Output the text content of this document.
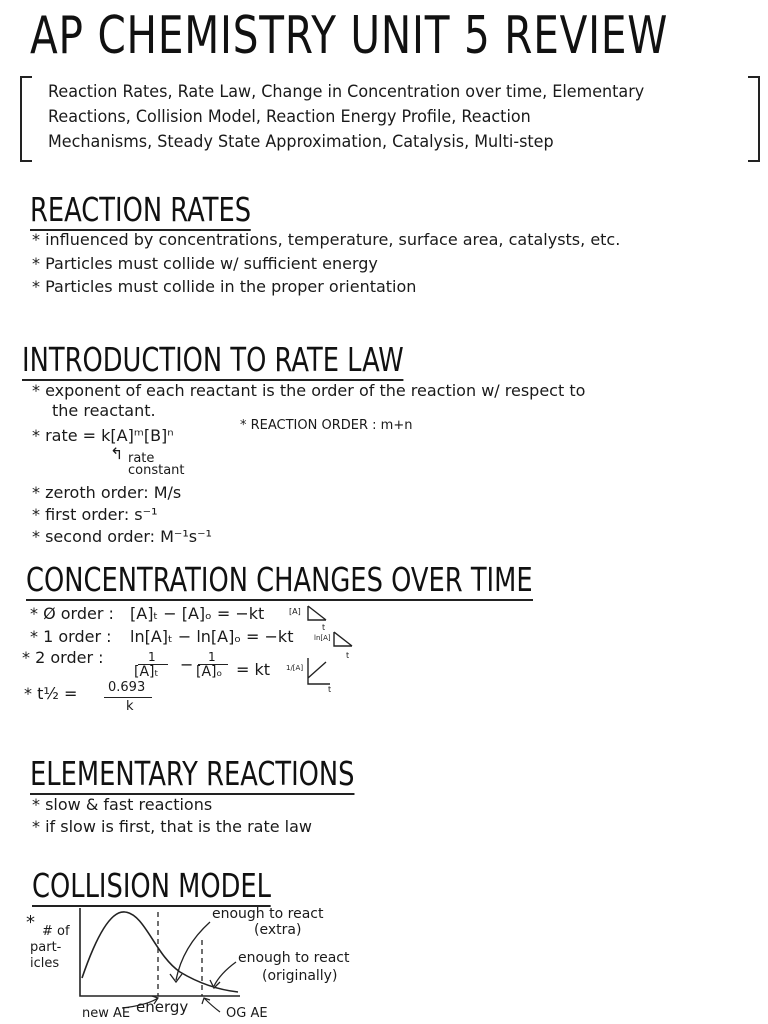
AP CHEMISTRY UNIT 5 REVIEW

Reaction Rates, Rate Law, Change in Concentration over time, Elementary

Reactions, Collision Model, Reaction Energy Profile, Reaction

Mechanisms, Steady State Approximation, Catalysis, Multi-step

REACTION RATES
* influenced by concentrations, temperature, surface area, catalysts, etc.
* Particles must collide w/ sufficient energy
* Particles must collide in the proper orientation
INTRODUCTION TO RATE LAW
* exponent of each reactant is the order of the reaction w/ respect to
the reactant.
* rate = k[A]ᵐ[B]ⁿ
↰ rate
constant
* REACTION ORDER : m+n
* zeroth order: M/s
* first order: s⁻¹
* second order: M⁻¹s⁻¹
CONCENTRATION CHANGES OVER TIME
* Ø order : [A]ₜ − [A]ₒ = −kt
* 1 order : ln[A]ₜ − ln[A]ₒ = −kt
* 2 order :	1
[A]ₜ − 1
[A]ₒ = kt
[A]
t
ln[A]
t
1/[A]
t
* t½ = 0.693
k
ELEMENTARY REACTIONS
* slow & fast reactions
* if slow is first, that is the rate law
COLLISION MODEL
* # of
part-
icles
energy
new AE	OG AE
enough to react
(extra)
enough to react
(originally)
